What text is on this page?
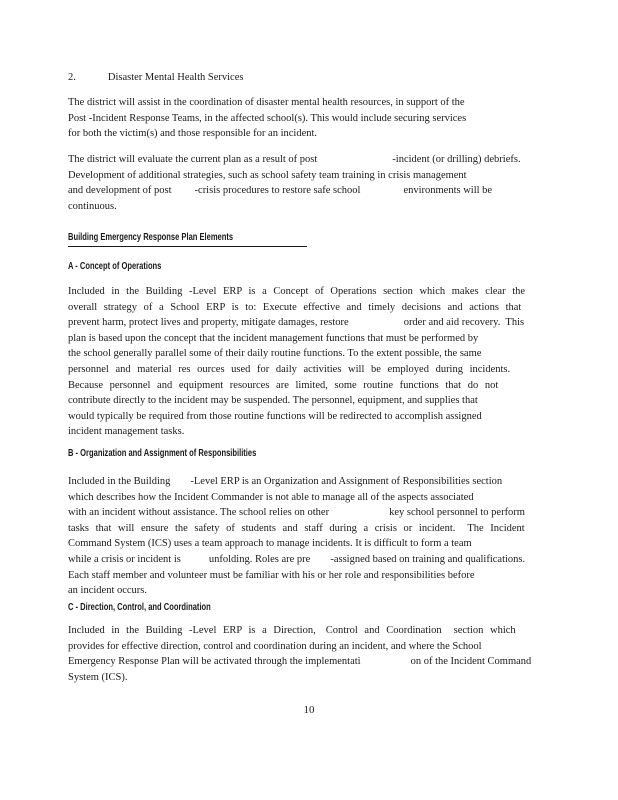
2.	Disaster Mental Health Services
The district will assist in the coordination of disaster mental health resources, in support of the
Post -Incident Response Teams, in the affected school(s). This would include securing services
for both the victim(s) and those responsible for an incident.
The district will evaluate the current plan as a result of post	-incident (or drilling) debriefs.
Development of additional strategies, such as school safety team training in crisis management
and development of post -crisis procedures to restore safe school	environments will be
continuous.
Building Emergency Response Plan Elements
A - Concept of Operations
Included in the Building -Level ERP is a Concept of Operations section which makes clear the
overall strategy of a School ERP is to: Execute effective and timely decisions and actions that
prevent harm, protect lives and property, mitigate damages, restore	order and aid recovery.  This
plan is based upon the concept that the incident management functions that must be performed by
the school generally parallel some of their daily routine functions. To the extent possible, the same
personnel and material res ources used for daily activities will be employed during incidents.
Because personnel and equipment resources are limited, some routine functions that do not
contribute directly to the incident may be suspended. The personnel, equipment, and supplies that
would typically be required from those routine functions will be redirected to accomplish assigned
incident management tasks.
B - Organization and Assignment of Responsibilities
Included in the Building -Level ERP is an Organization and Assignment of Responsibilities section
which describes how the Incident Commander is not able to manage all of the aspects associated
with an incident without assistance. The school relies on other	key school personnel to perform
tasks that will ensure the safety of students and staff during a crisis or incident. The Incident
Command System (ICS) uses a team approach to manage incidents. It is difficult to form a team
while a crisis or incident is	unfolding. Roles are pre -assigned based on training and qualifications.
Each staff member and volunteer must be familiar with his or her role and responsibilities before
an incident occurs.
C - Direction, Control, and Coordination
Included in the Building -Level ERP is a Direction, Control and Coordination section which
provides for effective direction, control and coordination during an incident, and where the School
Emergency Response Plan will be activated through the implementati	on of the Incident Command
System (ICS).
10
